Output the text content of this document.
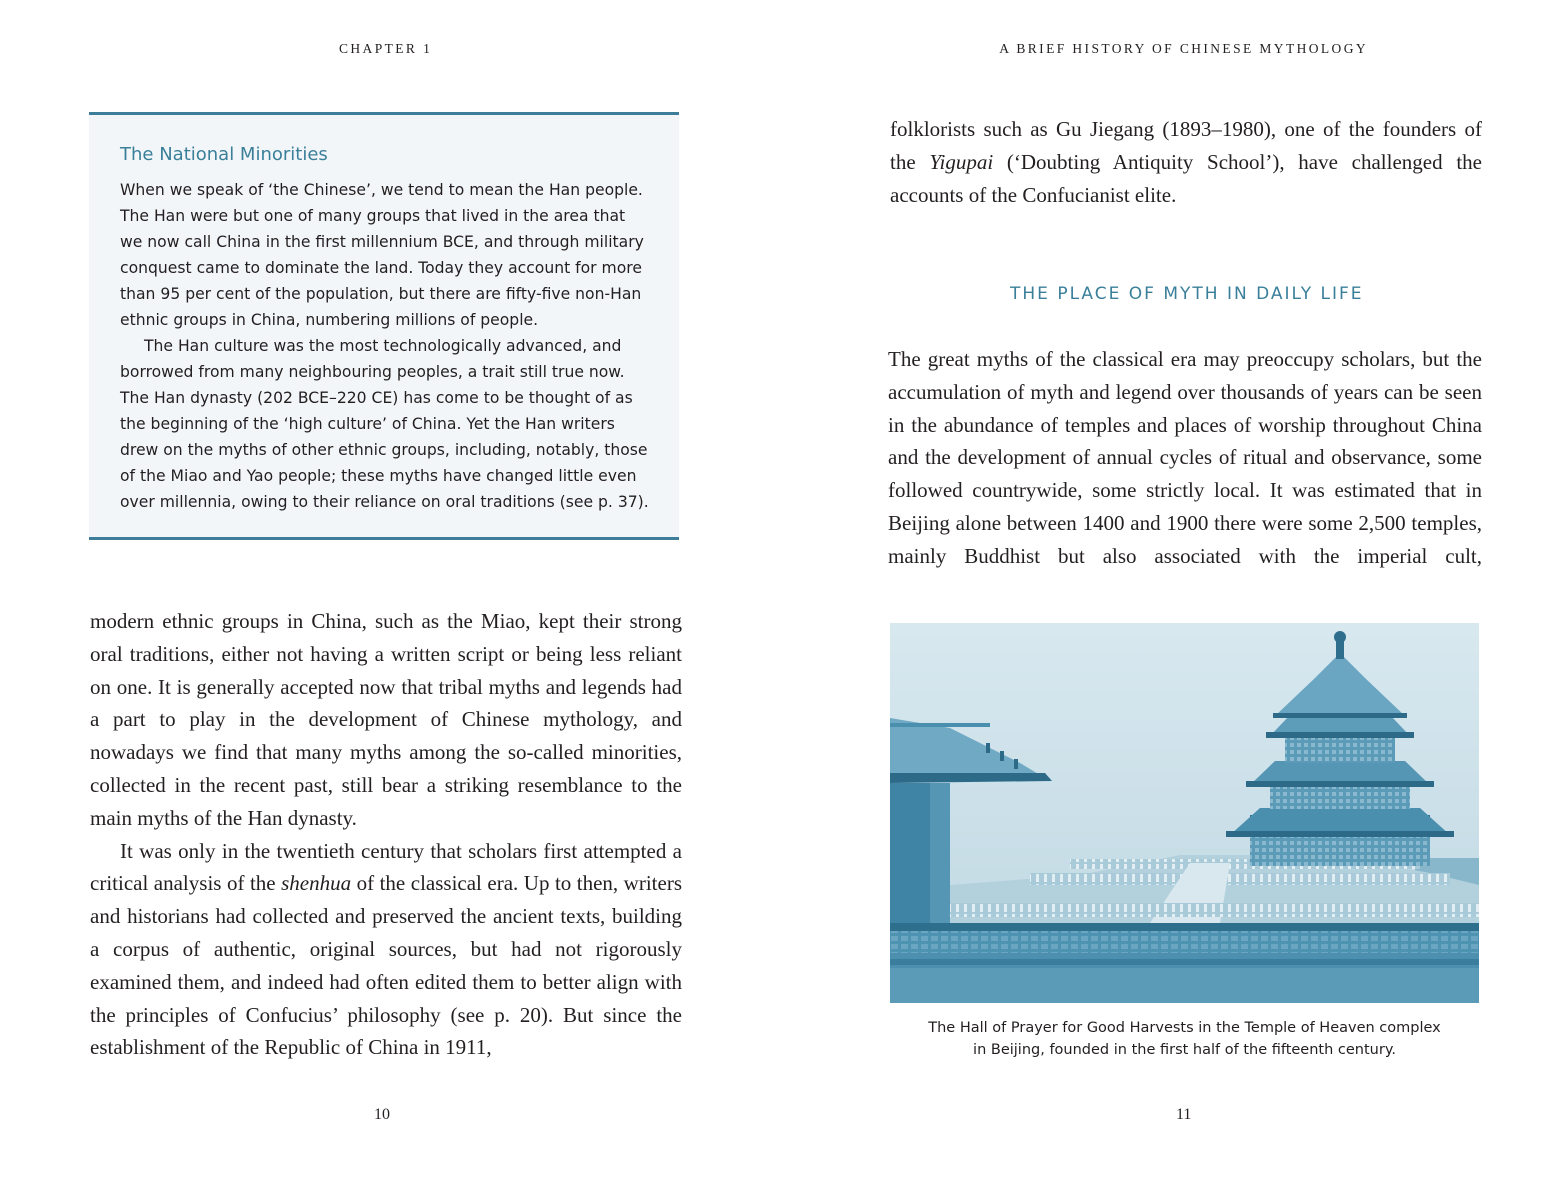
CHAPTER 1
The National Minorities

When we speak of ‘the Chinese’, we tend to mean the Han people. The Han were but one of many groups that lived in the area that we now call China in the first millennium BCE, and through military conquest came to dominate the land. Today they account for more than 95 per cent of the population, but there are fifty-five non-Han ethnic groups in China, numbering millions of people.

The Han culture was the most technologically advanced, and borrowed from many neighbouring peoples, a trait still true now. The Han dynasty (202 BCE–220 CE) has come to be thought of as the beginning of the ‘high culture’ of China. Yet the Han writers drew on the myths of other ethnic groups, including, notably, those of the Miao and Yao people; these myths have changed little even over millennia, owing to their reliance on oral traditions (see p. 37).

modern ethnic groups in China, such as the Miao, kept their strong oral traditions, either not having a written script or being less reliant on one. It is generally accepted now that tribal myths and legends had a part to play in the development of Chinese mythology, and nowadays we find that many myths among the so-called minorities, collected in the recent past, still bear a striking resemblance to the main myths of the Han dynasty.

It was only in the twentieth century that scholars first attempted a critical analysis of the shenhua of the classical era. Up to then, writers and historians had collected and preserved the ancient texts, building a corpus of authentic, original sources, but had not rigorously examined them, and indeed had often edited them to better align with the principles of Confucius’ philosophy (see p. 20). But since the establishment of the Republic of China in 1911,

10
A BRIEF HISTORY OF CHINESE MYTHOLOGY

folklorists such as Gu Jiegang (1893–1980), one of the founders of the Yigupai (‘Doubting Antiquity School’), have challenged the accounts of the Confucianist elite.

THE PLACE OF MYTH IN DAILY LIFE

The great myths of the classical era may preoccupy scholars, but the accumulation of myth and legend over thousands of years can be seen in the abundance of temples and places of worship throughout China and the development of annual cycles of ritual and observance, some followed countrywide, some strictly local. It was estimated that in Beijing alone between 1400 and 1900 there were some 2,500 temples, mainly Buddhist but also associated with the imperial cult,

The Hall of Prayer for Good Harvests in the Temple of Heaven complex

in Beijing, founded in the first half of the fifteenth century.

11
